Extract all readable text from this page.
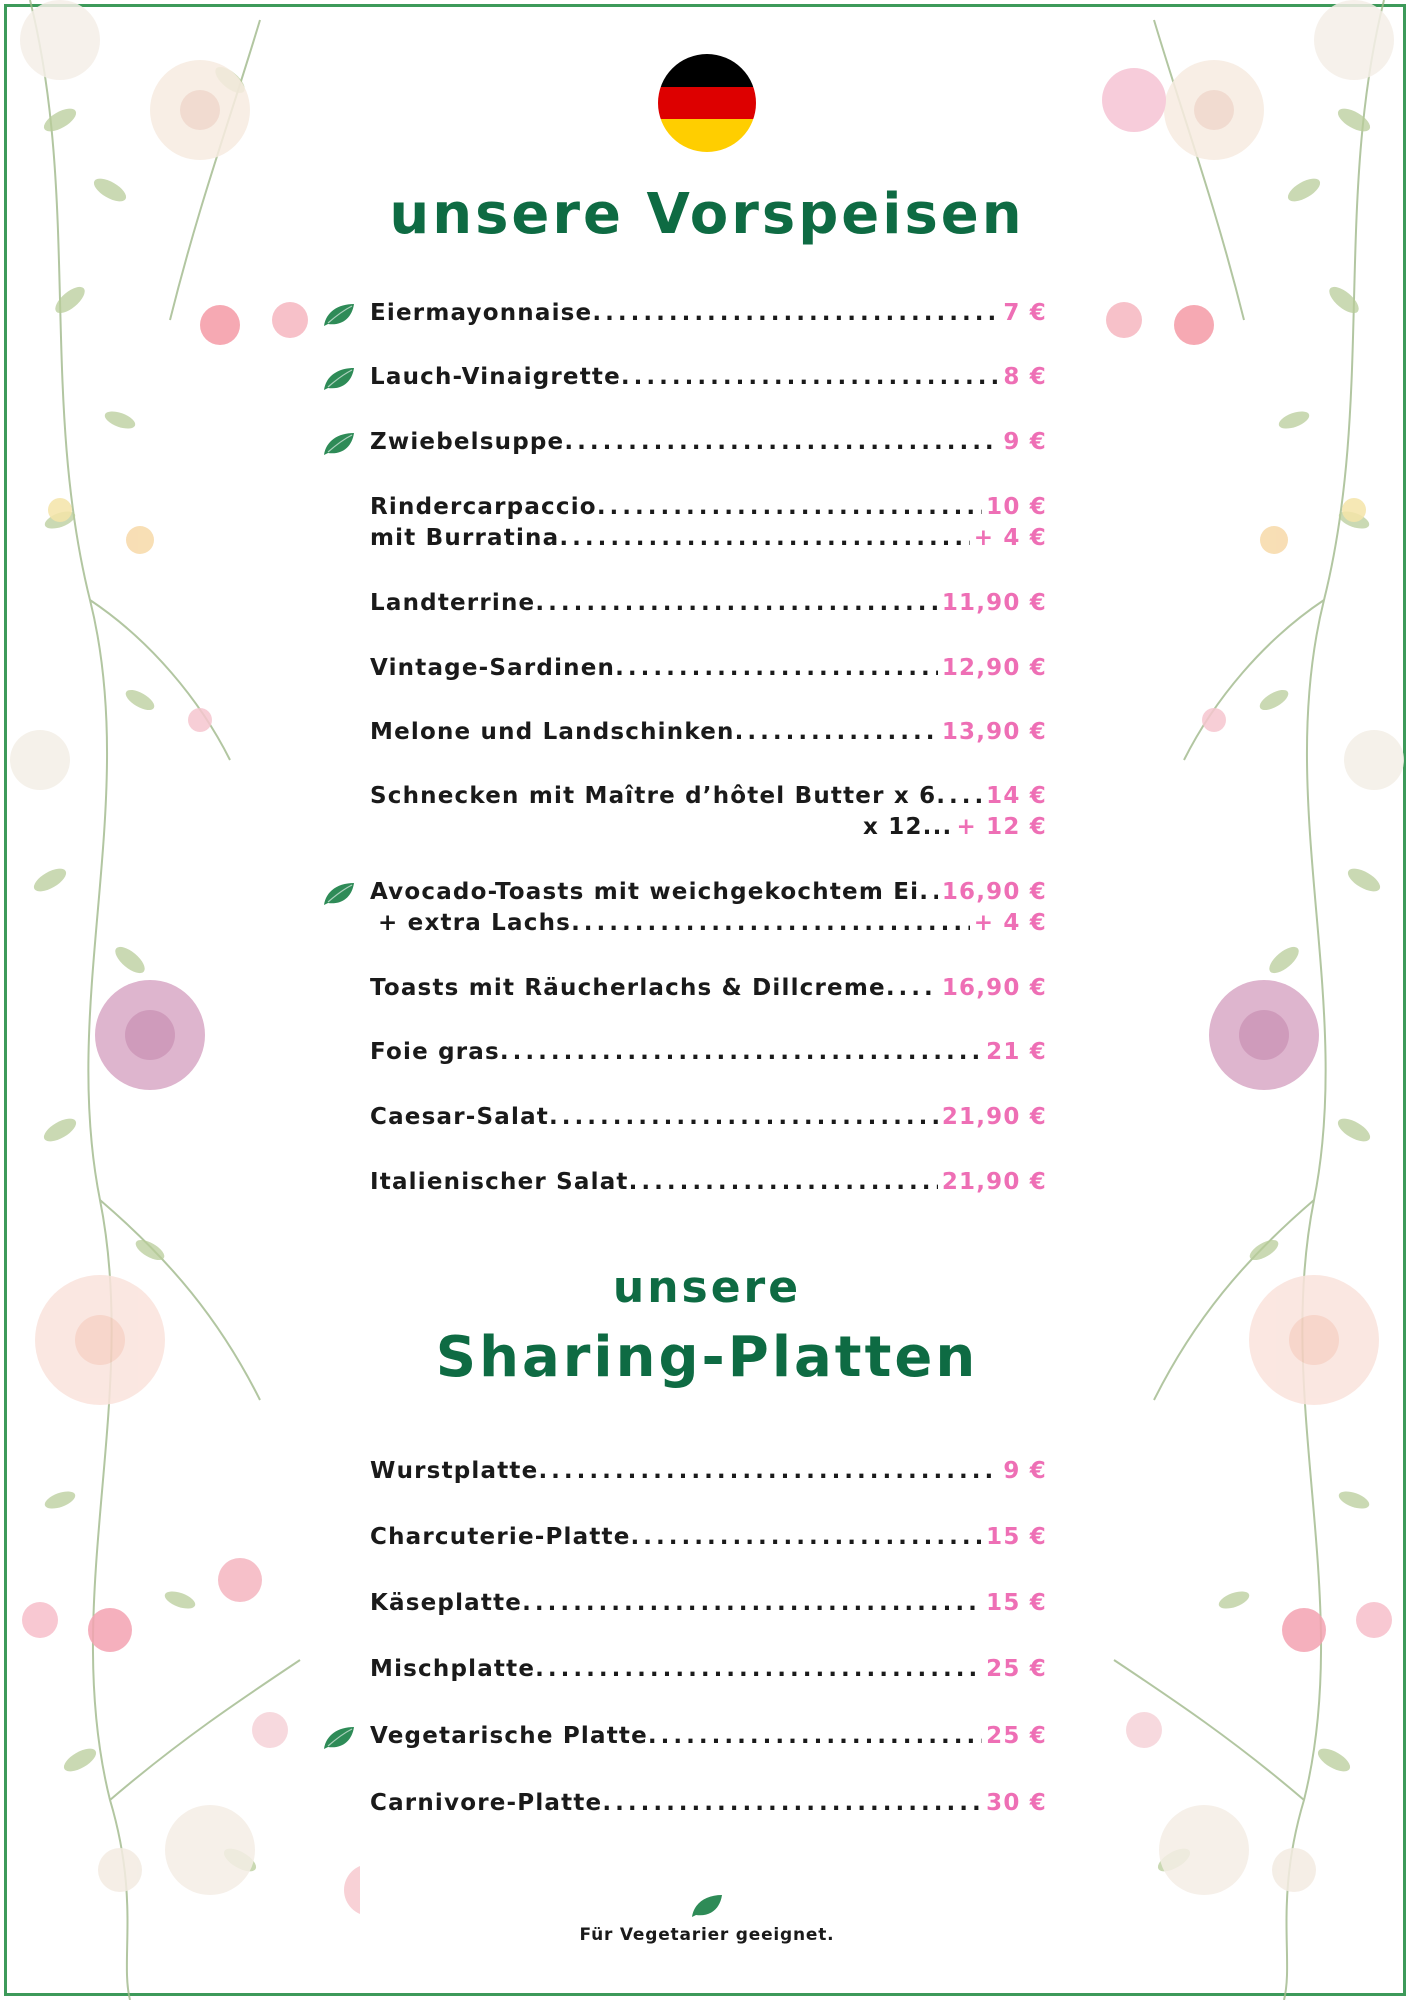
unsere Vorspeisen
unsere
Sharing-Platten
Eiermayonnaise . . .	7 €
Lauch-Vinaigrette . . .	8 €
Zwiebelsuppe . . .	9 €
Rindercarpaccio . . .	10 €
mit Burratina . . .	+ 4 €
Landterrine . . .	11,90 €
Vintage-Sardinen . . .	12,90 €
Melone und Landschinken . . .	13,90 €
Schnecken mit Maître d’hôtel Butter x 6 . . . 14 €
x 12... + 12 €
Avocado-Toasts mit weichgekochtem Ei . . . 16,90 €
+ extra Lachs . . .	+ 4 €
Toasts mit Räucherlachs & Dillcreme . . . 16,90 €
Foie gras . . .	21 €
Caesar-Salat . . .	21,90 €
Italienischer Salat . . .	21,90 €
Wurstplatte . . .	9 €
Charcuterie-Platte . . .	15 €
Käseplatte . . .	15 €
Mischplatte . . .	25 €
Vegetarische Platte . . .	25 €
Carnivore-Platte . . .	30 €
Für Vegetarier geeignet.
